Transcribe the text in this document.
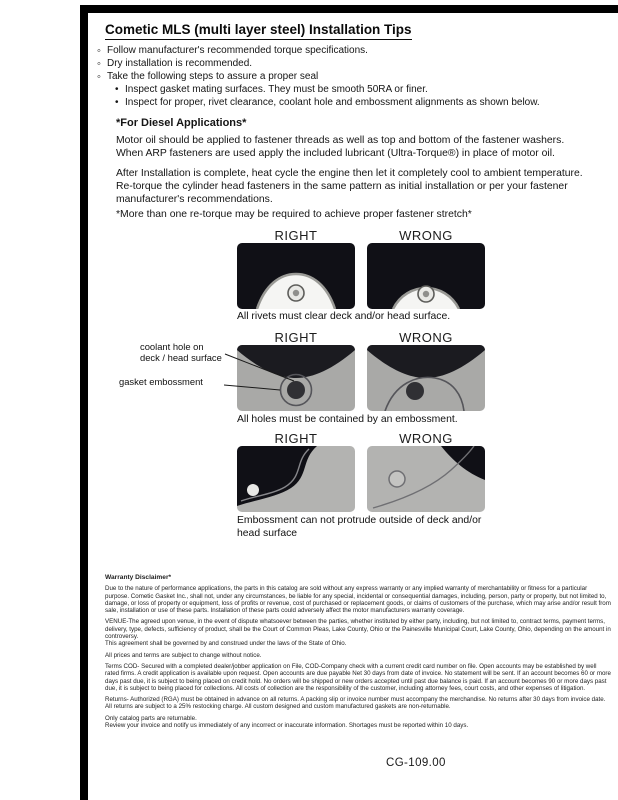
Cometic MLS (multi layer steel) Installation Tips
◦ Follow manufacturer's recommended torque specifications.
◦ Dry installation is recommended.
◦ Take the following steps to assure a proper seal
• Inspect gasket mating surfaces. They must be smooth 50RA or finer.
• Inspect for proper, rivet clearance, coolant hole and embossment alignments as shown below.
*For Diesel Applications*

Motor oil should be applied to fastener threads as well as top and bottom of the fastener washers. When ARP fasteners are used apply the included lubricant (Ultra-Torque®) in place of motor oil.

After Installation is complete, heat cycle the engine then let it completely cool to ambient temperature. Re-torque the cylinder head fasteners in the same pattern as initial installation or per your fastener manufacturer's recommendations.

*More than one re-torque may be required to achieve proper fastener stretch*

RIGHT	WRONG

All rivets must clear deck and/or head surface.

RIGHT	WRONG
coolant hole on
deck / head surface
gasket embossment

All holes must be contained by an embossment.

RIGHT	WRONG

Embossment can not protrude outside of deck and/or head surface

Warranty Disclaimer*

Due to the nature of performance applications, the parts in this catalog are sold without any express warranty or any implied warranty of merchantability or fitness for a particular purpose. Cometic Gasket Inc., shall not, under any circumstances, be liable for any special, incidental or consequential damages, including, person, party or property, but not limited to, damage, or loss of property or equipment, loss of profits or revenue, cost of purchased or replacement goods, or claims of customers of the purchase, which may arise and/or result from sale, installation or use of these parts. Installation of these parts could adversely affect the motor manufacturers warranty coverage.

VENUE-The agreed upon venue, in the event of dispute whatsoever between the parties, whether instituted by either party, including, but not limited to, contract terms, payment terms, delivery, type, defects, sufficiency of product, shall be the Court of Common Pleas, Lake County, Ohio or the Painesville Municipal Court, Lake County, Ohio, depending on the amount in controversy.

This agreement shall be governed by and construed under the laws of the State of Ohio.

All prices and terms are subject to change without notice.

Terms COD- Secured with a completed dealer/jobber application on File, COD-Company check with a current credit card number on file. Open accounts may be established by well rated firms. A credit application is available upon request. Open accounts are due payable Net 30 days from date of invoice. No statement will be sent. If an account becomes 60 or more days past due, it is subject to being placed on credit hold. No orders will be shipped or new orders accepted until past due balance is paid. If an account becomes 90 or more days past due, it is subject to being placed for collections. All costs of collection are the responsibility of the customer, including attorney fees, court costs, and other expenses of litigation.

Returns- Authorized (RGA) must be obtained in advance on all returns. A packing slip or invoice number must accompany the merchandise. No returns after 30 days from invoice date. All returns are subject to a 25% restocking charge. All custom designed and custom manufactured gaskets are non-returnable.

Only catalog parts are returnable.

Review your invoice and notify us immediately of any incorrect or inaccurate information. Shortages must be reported within 10 days.

CG-109.00
